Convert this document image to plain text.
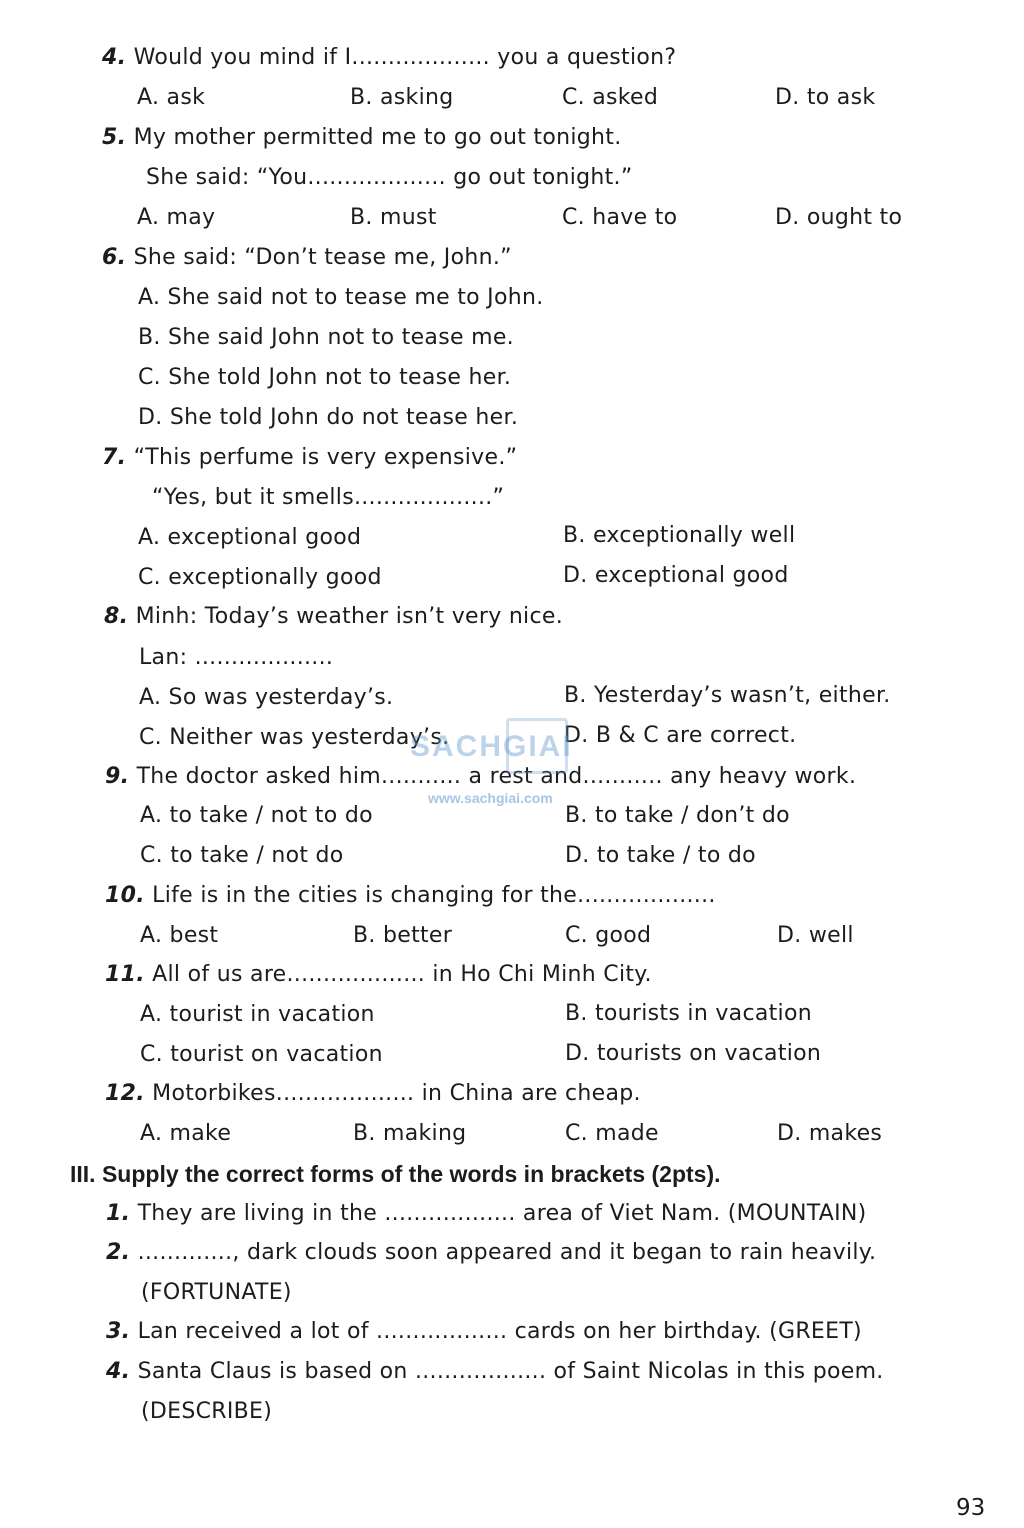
4. Would you mind if I................... you a question?
A. ask	B. asking	C. asked	D. to ask
5. My mother permitted me to go out tonight.
She said: “You................... go out tonight.”
A. may	B. must	C. have to	D. ought to
6. She said: “Don’t tease me, John.”
A. She said not to tease me to John.
B. She said John not to tease me.
C. She told John not to tease her.
D. She told John do not tease her.
7. “This perfume is very expensive.”
“Yes, but it smells...................”
A. exceptional good	B. exceptionally well
C. exceptionally good	D. exceptional good
8. Minh: Today’s weather isn’t very nice.
Lan: ...................
A. So was yesterday’s.	B. Yesterday’s wasn’t, either.
C. Neither was yesterday’s.	D. B & C are correct.
9. The doctor asked him........... a rest and........... any heavy work.
A. to take / not to do	B. to take / don’t do
C. to take / not do	D. to take / to do
10. Life is in the cities is changing for the...................
A. best	B. better	C. good	D. well
11. All of us are................... in Ho Chi Minh City.
A. tourist in vacation	B. tourists in vacation
C. tourist on vacation	D. tourists on vacation
12. Motorbikes................... in China are cheap.
A. make	B. making	C. made	D. makes
III. Supply the correct forms of the words in brackets (2pts).
1. They are living in the .................. area of Viet Nam. (MOUNTAIN)
2. ............., dark clouds soon appeared and it began to rain heavily.
(FORTUNATE)
3. Lan received a lot of .................. cards on her birthday. (GREET)
4. Santa Claus is based on .................. of Saint Nicolas in this poem.
(DESCRIBE)
SACHGIAI
www.sachgiai.com
93
